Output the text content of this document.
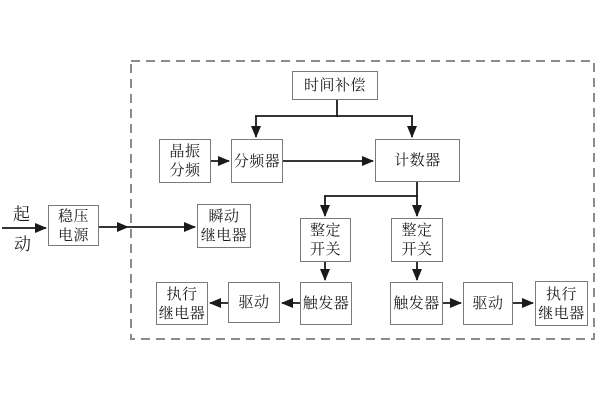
起
动
稳压
电源
瞬动
继电器
晶振
分频
分频器
时间补偿
计数器
整定
开关
整定
开关
触发器	触发器
驱动	驱动
执行
继电器
执行
继电器
